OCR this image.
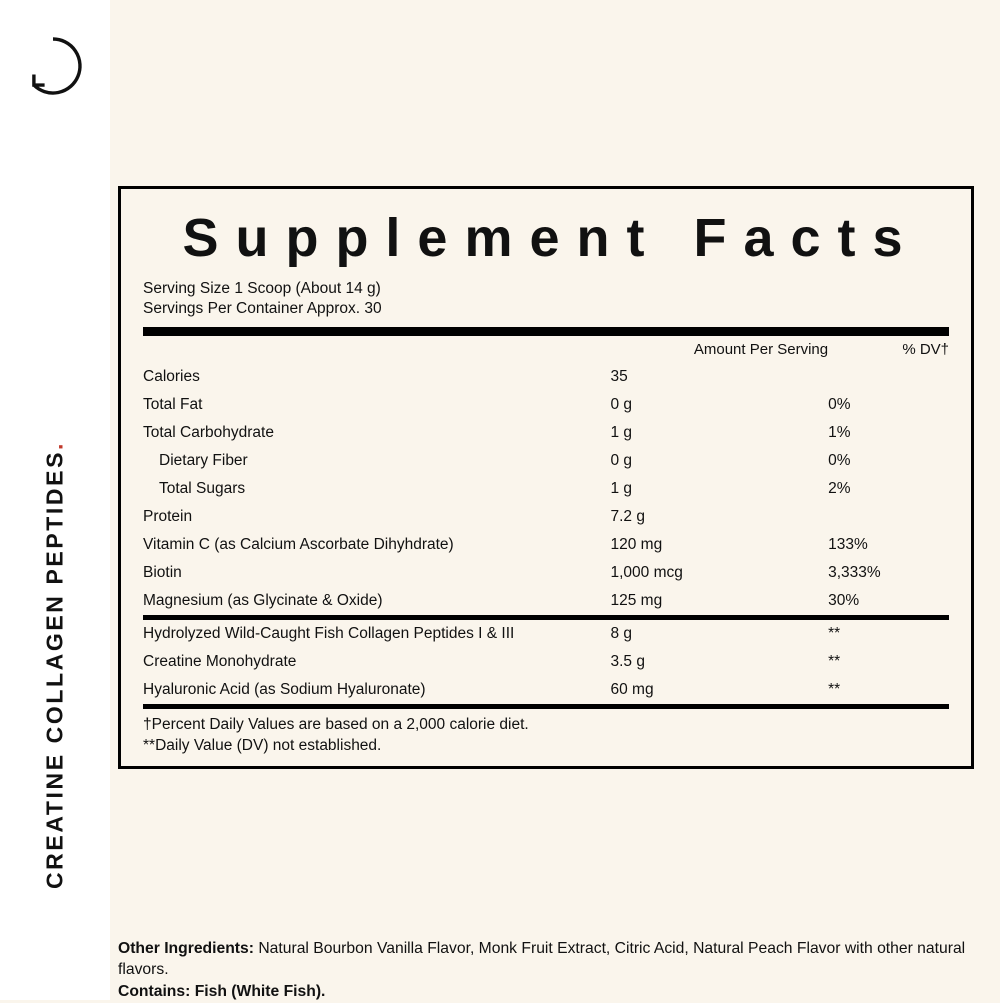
CREATINE COLLAGEN PEPTIDES.
Supplement Facts
Serving Size 1 Scoop (About 14 g)
Servings Per Container Approx. 30
	Amount Per Serving	% DV†
Calories	35	
Total Fat	0 g	0%
Total Carbohydrate	1 g	1%
Dietary Fiber	0 g	0%
Total Sugars	1 g	2%
Protein	7.2 g	
Vitamin C (as Calcium Ascorbate Dihyhdrate)	120 mg	133%
Biotin	1,000 mcg	3,333%
Magnesium (as Glycinate & Oxide)	125 mg	30%
Hydrolyzed Wild-Caught Fish Collagen Peptides I & III	8 g	**
Creatine Monohydrate	3.5 g	**
Hyaluronic Acid (as Sodium Hyaluronate)	60 mg	**
†Percent Daily Values are based on a 2,000 calorie diet.
**Daily Value (DV) not established.
Other Ingredients: Natural Bourbon Vanilla Flavor, Monk Fruit Extract, Citric Acid, Natural Peach Flavor with other natural flavors.
Contains: Fish (White Fish).
